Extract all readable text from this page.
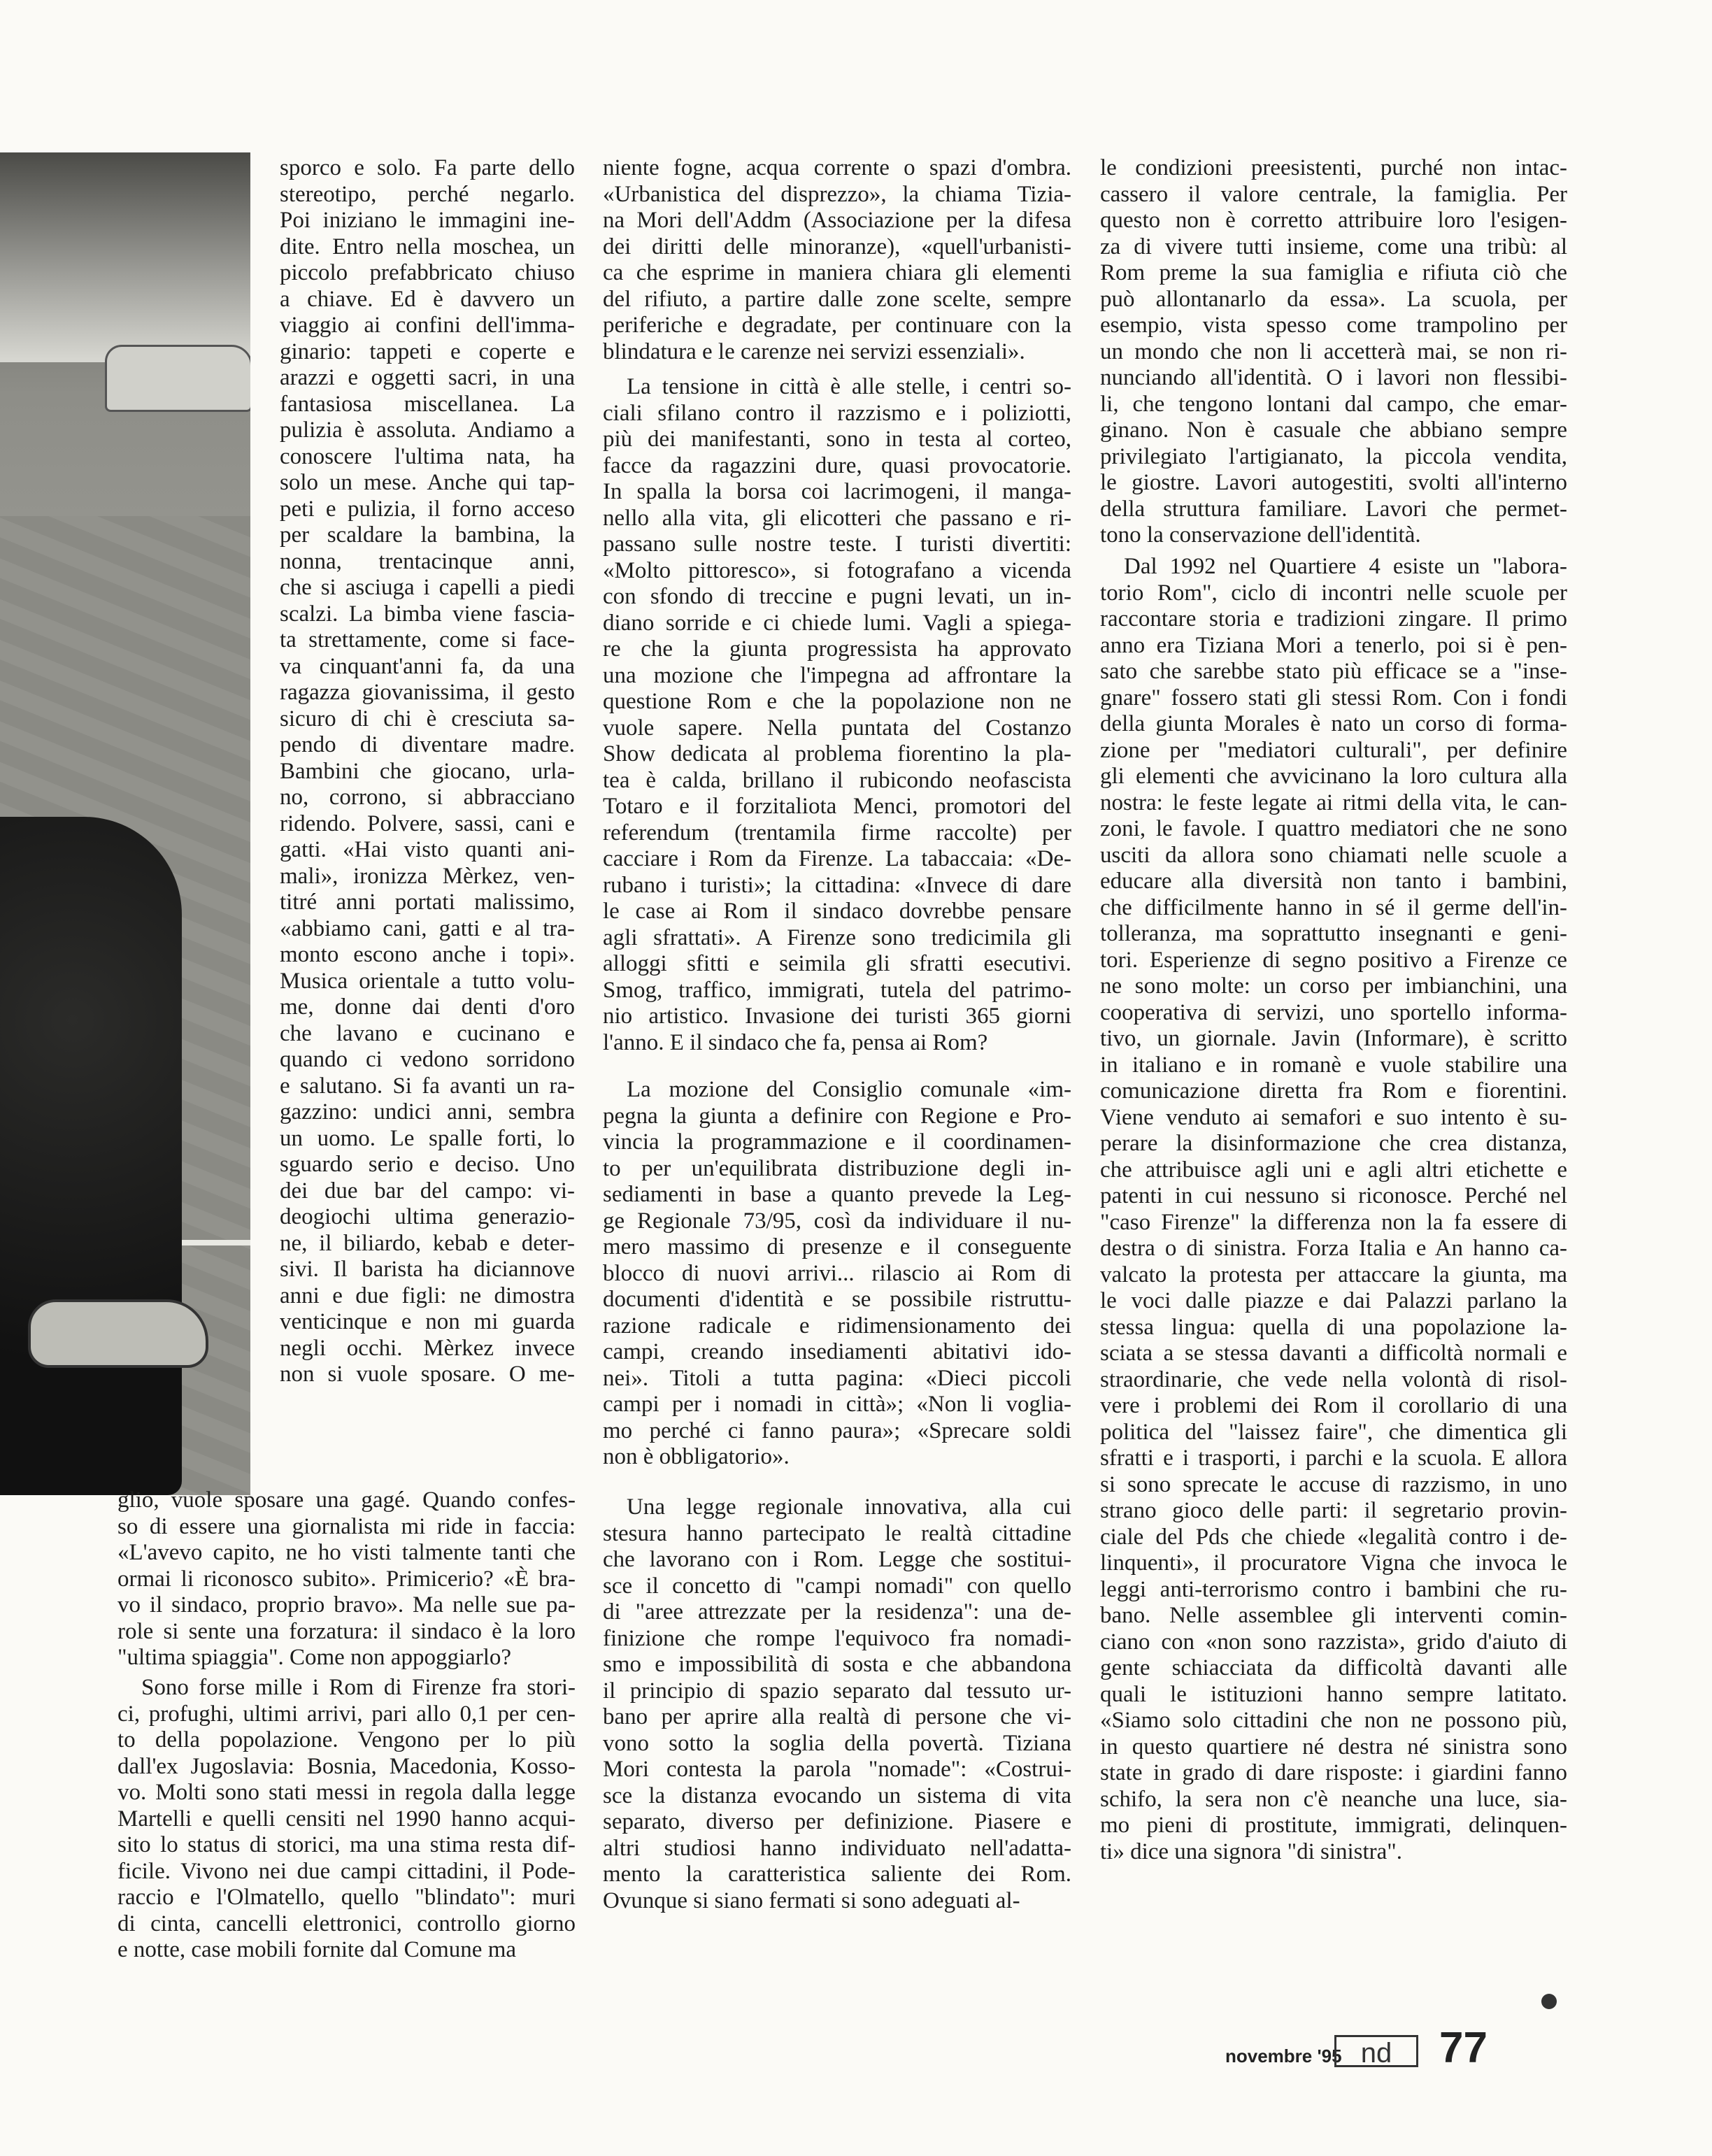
sporco e solo. Fa parte dello
stereotipo, perché negarlo.
Poi iniziano le immagini ine-
dite. Entro nella moschea, un
piccolo prefabbricato chiuso
a chiave. Ed è davvero un
viaggio ai confini dell'imma-
ginario: tappeti e coperte e
arazzi e oggetti sacri, in una
fantasiosa miscellanea. La
pulizia è assoluta. Andiamo a
conoscere l'ultima nata, ha
solo un mese. Anche qui tap-
peti e pulizia, il forno acceso
per scaldare la bambina, la
nonna, trentacinque anni,
che si asciuga i capelli a piedi
scalzi. La bimba viene fascia-
ta strettamente, come si face-
va cinquant'anni fa, da una
ragazza giovanissima, il gesto
sicuro di chi è cresciuta sa-
pendo di diventare madre.
Bambini che giocano, urla-
no, corrono, si abbracciano
ridendo. Polvere, sassi, cani e
gatti. «Hai visto quanti ani-
mali», ironizza Mèrkez, ven-
titré anni portati malissimo,
«abbiamo cani, gatti e al tra-
monto escono anche i topi».
Musica orientale a tutto volu-
me, donne dai denti d'oro
che lavano e cucinano e
quando ci vedono sorridono
e salutano. Si fa avanti un ra-
gazzino: undici anni, sembra
un uomo. Le spalle forti, lo
sguardo serio e deciso. Uno
dei due bar del campo: vi-
deogiochi ultima generazio-
ne, il biliardo, kebab e deter-
sivi. Il barista ha diciannove
anni e due figli: ne dimostra
venticinque e non mi guarda
negli occhi. Mèrkez invece
non si vuole sposare. O me-
glio, vuole sposare una gagé. Quando confes-
so di essere una giornalista mi ride in faccia:
«L'avevo capito, ne ho visti talmente tanti che
ormai li riconosco subito». Primicerio? «È bra-
vo il sindaco, proprio bravo». Ma nelle sue pa-
role si sente una forzatura: il sindaco è la loro
"ultima spiaggia". Come non appoggiarlo?
Sono forse mille i Rom di Firenze fra stori-
ci, profughi, ultimi arrivi, pari allo 0,1 per cen-
to della popolazione. Vengono per lo più
dall'ex Jugoslavia: Bosnia, Macedonia, Kosso-
vo. Molti sono stati messi in regola dalla legge
Martelli e quelli censiti nel 1990 hanno acqui-
sito lo status di storici, ma una stima resta dif-
ficile. Vivono nei due campi cittadini, il Pode-
raccio e l'Olmatello, quello "blindato": muri
di cinta, cancelli elettronici, controllo giorno
e notte, case mobili fornite dal Comune ma
niente fogne, acqua corrente o spazi d'ombra.
«Urbanistica del disprezzo», la chiama Tizia-
na Mori dell'Addm (Associazione per la difesa
dei diritti delle minoranze), «quell'urbanisti-
ca che esprime in maniera chiara gli elementi
del rifiuto, a partire dalle zone scelte, sempre
periferiche e degradate, per continuare con la
blindatura e le carenze nei servizi essenziali».
La tensione in città è alle stelle, i centri so-
ciali sfilano contro il razzismo e i poliziotti,
più dei manifestanti, sono in testa al corteo,
facce da ragazzini dure, quasi provocatorie.
In spalla la borsa coi lacrimogeni, il manga-
nello alla vita, gli elicotteri che passano e ri-
passano sulle nostre teste. I turisti divertiti:
«Molto pittoresco», si fotografano a vicenda
con sfondo di treccine e pugni levati, un in-
diano sorride e ci chiede lumi. Vagli a spiega-
re che la giunta progressista ha approvato
una mozione che l'impegna ad affrontare la
questione Rom e che la popolazione non ne
vuole sapere. Nella puntata del Costanzo
Show dedicata al problema fiorentino la pla-
tea è calda, brillano il rubicondo neofascista
Totaro e il forzitaliota Menci, promotori del
referendum (trentamila firme raccolte) per
cacciare i Rom da Firenze. La tabaccaia: «De-
rubano i turisti»; la cittadina: «Invece di dare
le case ai Rom il sindaco dovrebbe pensare
agli sfrattati». A Firenze sono tredicimila gli
alloggi sfitti e seimila gli sfratti esecutivi.
Smog, traffico, immigrati, tutela del patrimo-
nio artistico. Invasione dei turisti 365 giorni
l'anno. E il sindaco che fa, pensa ai Rom?
La mozione del Consiglio comunale «im-
pegna la giunta a definire con Regione e Pro-
vincia la programmazione e il coordinamen-
to per un'equilibrata distribuzione degli in-
sediamenti in base a quanto prevede la Leg-
ge Regionale 73/95, così da individuare il nu-
mero massimo di presenze e il conseguente
blocco di nuovi arrivi... rilascio ai Rom di
documenti d'identità e se possibile ristruttu-
razione radicale e ridimensionamento dei
campi, creando insediamenti abitativi ido-
nei». Titoli a tutta pagina: «Dieci piccoli
campi per i nomadi in città»; «Non li voglia-
mo perché ci fanno paura»; «Sprecare soldi
non è obbligatorio».
Una legge regionale innovativa, alla cui
stesura hanno partecipato le realtà cittadine
che lavorano con i Rom. Legge che sostitui-
sce il concetto di "campi nomadi" con quello
di "aree attrezzate per la residenza": una de-
finizione che rompe l'equivoco fra nomadi-
smo e impossibilità di sosta e che abbandona
il principio di spazio separato dal tessuto ur-
bano per aprire alla realtà di persone che vi-
vono sotto la soglia della povertà. Tiziana
Mori contesta la parola "nomade": «Costrui-
sce la distanza evocando un sistema di vita
separato, diverso per definizione. Piasere e
altri studiosi hanno individuato nell'adatta-
mento la caratteristica saliente dei Rom.
Ovunque si siano fermati si sono adeguati al-
le condizioni preesistenti, purché non intac-
cassero il valore centrale, la famiglia. Per
questo non è corretto attribuire loro l'esigen-
za di vivere tutti insieme, come una tribù: al
Rom preme la sua famiglia e rifiuta ciò che
può allontanarlo da essa». La scuola, per
esempio, vista spesso come trampolino per
un mondo che non li accetterà mai, se non ri-
nunciando all'identità. O i lavori non flessibi-
li, che tengono lontani dal campo, che emar-
ginano. Non è casuale che abbiano sempre
privilegiato l'artigianato, la piccola vendita,
le giostre. Lavori autogestiti, svolti all'interno
della struttura familiare. Lavori che permet-
tono la conservazione dell'identità.
Dal 1992 nel Quartiere 4 esiste un "labora-
torio Rom", ciclo di incontri nelle scuole per
raccontare storia e tradizioni zingare. Il primo
anno era Tiziana Mori a tenerlo, poi si è pen-
sato che sarebbe stato più efficace se a "inse-
gnare" fossero stati gli stessi Rom. Con i fondi
della giunta Morales è nato un corso di forma-
zione per "mediatori culturali", per definire
gli elementi che avvicinano la loro cultura alla
nostra: le feste legate ai ritmi della vita, le can-
zoni, le favole. I quattro mediatori che ne sono
usciti da allora sono chiamati nelle scuole a
educare alla diversità non tanto i bambini,
che difficilmente hanno in sé il germe dell'in-
tolleranza, ma soprattutto insegnanti e geni-
tori. Esperienze di segno positivo a Firenze ce
ne sono molte: un corso per imbianchini, una
cooperativa di servizi, uno sportello informa-
tivo, un giornale. Javin (Informare), è scritto
in italiano e in romanè e vuole stabilire una
comunicazione diretta fra Rom e fiorentini.
Viene venduto ai semafori e suo intento è su-
perare la disinformazione che crea distanza,
che attribuisce agli uni e agli altri etichette e
patenti in cui nessuno si riconosce. Perché nel
"caso Firenze" la differenza non la fa essere di
destra o di sinistra. Forza Italia e An hanno ca-
valcato la protesta per attaccare la giunta, ma
le voci dalle piazze e dai Palazzi parlano la
stessa lingua: quella di una popolazione la-
sciata a se stessa davanti a difficoltà normali e
straordinarie, che vede nella volontà di risol-
vere i problemi dei Rom il corollario di una
politica del "laissez faire", che dimentica gli
sfratti e i trasporti, i parchi e la scuola. E allora
si sono sprecate le accuse di razzismo, in uno
strano gioco delle parti: il segretario provin-
ciale del Pds che chiede «legalità contro i de-
linquenti», il procuratore Vigna che invoca le
leggi anti-terrorismo contro i bambini che ru-
bano. Nelle assemblee gli interventi comin-
ciano con «non sono razzista», grido d'aiuto di
gente schiacciata da difficoltà davanti alle
quali le istituzioni hanno sempre latitato.
«Siamo solo cittadini che non ne possono più,
in questo quartiere né destra né sinistra sono
state in grado di dare risposte: i giardini fanno
schifo, la sera non c'è neanche una luce, sia-
mo pieni di prostitute, immigrati, delinquen-
ti» dice una signora "di sinistra".
novembre '95 nd	77
